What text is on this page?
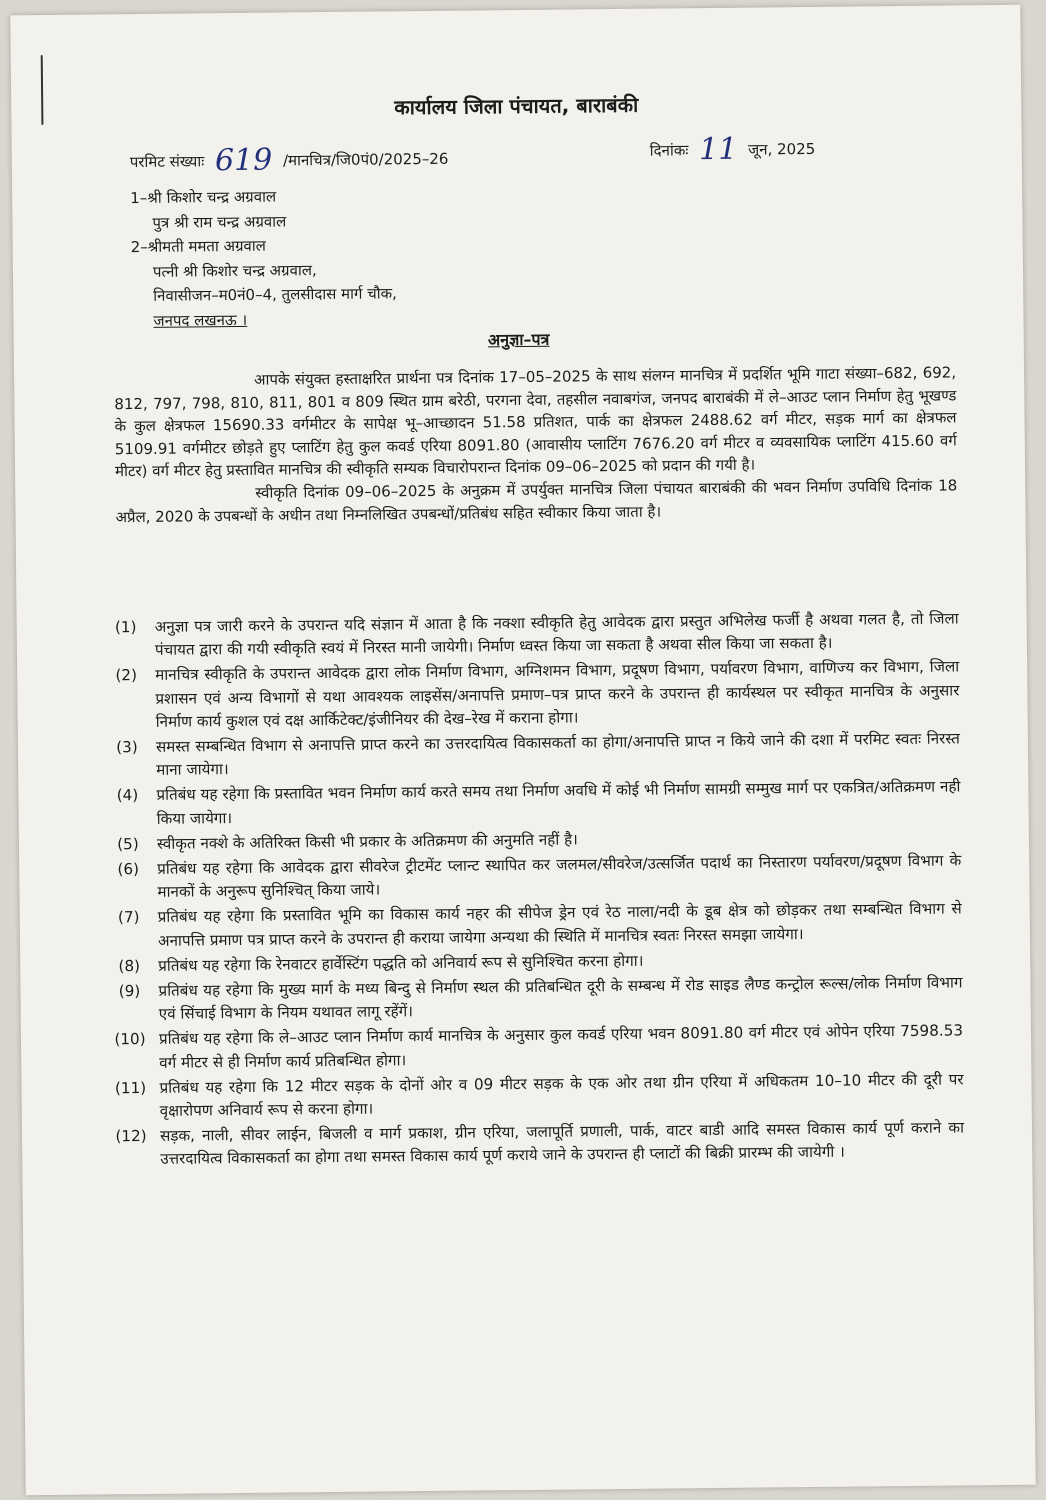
कार्यालय जिला पंचायत, बाराबंकी
परमिट संख्याः 619 /मानचित्र/जि0पं0/2025–26	दिनांकः 11 जून, 2025
1–श्री किशोर चन्द्र अग्रवाल
पुत्र श्री राम चन्द्र अग्रवाल
2–श्रीमती ममता अग्रवाल
पत्नी श्री किशोर चन्द्र अग्रवाल,
निवासीजन–म0नं0–4, तुलसीदास मार्ग चौक,
जनपद लखनऊ ।
अनुज्ञा–पत्र

आपके संयुक्त हस्ताक्षरित प्रार्थना पत्र दिनांक 17–05–2025 के साथ संलग्न मानचित्र में प्रदर्शित भूमि गाटा संख्या–682, 692, 812, 797, 798, 810, 811, 801 व 809 स्थित ग्राम बरेठी, परगना देवा, तहसील नवाबगंज, जनपद बाराबंकी में ले–आउट प्लान निर्माण हेतु भूखण्ड के कुल क्षेत्रफल 15690.33 वर्गमीटर के सापेक्ष भू–आच्छादन 51.58 प्रतिशत, पार्क का क्षेत्रफल 2488.62 वर्ग मीटर, सड़क मार्ग का क्षेत्रफल 5109.91 वर्गमीटर छोड़ते हुए प्लाटिंग हेतु कुल कवर्ड एरिया 8091.80 (आवासीय प्लाटिंग 7676.20 वर्ग मीटर व व्यवसायिक प्लाटिंग 415.60 वर्ग मीटर) वर्ग मीटर हेतु प्रस्तावित मानचित्र की स्वीकृति सम्यक विचारोपरान्त दिनांक 09–06–2025 को प्रदान की गयी है।

स्वीकृति दिनांक 09–06–2025 के अनुक्रम में उपर्युक्त मानचित्र जिला पंचायत बाराबंकी की भवन निर्माण उपविधि दिनांक 18 अप्रैल, 2020 के उपबन्धों के अधीन तथा निम्नलिखित उपबन्धों/प्रतिबंध सहित स्वीकार किया जाता है।

(1)	अनुज्ञा पत्र जारी करने के उपरान्त यदि संज्ञान में आता है कि नक्शा स्वीकृति हेतु आवेदक द्वारा प्रस्तुत अभिलेख फर्जी है अथवा गलत है, तो जिला पंचायत द्वारा की गयी स्वीकृति स्वयं में निरस्त मानी जायेगी। निर्माण ध्वस्त किया जा सकता है अथवा सील किया जा सकता है।
(2)	मानचित्र स्वीकृति के उपरान्त आवेदक द्वारा लोक निर्माण विभाग, अग्निशमन विभाग, प्रदूषण विभाग, पर्यावरण विभाग, वाणिज्य कर विभाग, जिला प्रशासन एवं अन्य विभागों से यथा आवश्यक लाइसेंस/अनापत्ति प्रमाण–पत्र प्राप्त करने के उपरान्त ही कार्यस्थल पर स्वीकृत मानचित्र के अनुसार निर्माण कार्य कुशल एवं दक्ष आर्किटेक्ट/इंजीनियर की देख–रेख में कराना होगा।
(3)	समस्त सम्बन्धित विभाग से अनापत्ति प्राप्त करने का उत्तरदायित्व विकासकर्ता का होगा/अनापत्ति प्राप्त न किये जाने की दशा में परमिट स्वतः निरस्त माना जायेगा।
(4)	प्रतिबंध यह रहेगा कि प्रस्तावित भवन निर्माण कार्य करते समय तथा निर्माण अवधि में कोई भी निर्माण सामग्री सम्मुख मार्ग पर एकत्रित/अतिक्रमण नही किया जायेगा।
(5)	स्वीकृत नक्शे के अतिरिक्त किसी भी प्रकार के अतिक्रमण की अनुमति नहीं है।
(6)	प्रतिबंध यह रहेगा कि आवेदक द्वारा सीवरेज ट्रीटमेंट प्लान्ट स्थापित कर जलमल/सीवरेज/उत्सर्जित पदार्थ का निस्तारण पर्यावरण/प्रदूषण विभाग के मानकों के अनुरूप सुनिश्चित् किया जाये।
(7)	प्रतिबंध यह रहेगा कि प्रस्तावित भूमि का विकास कार्य नहर की सीपेज ड्रेन एवं रेठ नाला/नदी के डूब क्षेत्र को छोड़कर तथा सम्बन्धित विभाग से अनापत्ति प्रमाण पत्र प्राप्त करने के उपरान्त ही कराया जायेगा अन्यथा की स्थिति में मानचित्र स्वतः निरस्त समझा जायेगा।
(8)	प्रतिबंध यह रहेगा कि रेनवाटर हार्वेस्टिंग पद्धति को अनिवार्य रूप से सुनिश्चित करना होगा।
(9)	प्रतिबंध यह रहेगा कि मुख्य मार्ग के मध्य बिन्दु से निर्माण स्थल की प्रतिबन्धित दूरी के सम्बन्ध में रोड साइड लैण्ड कन्ट्रोल रूल्स/लोक निर्माण विभाग एवं सिंचाई विभाग के नियम यथावत लागू रहेंगें।
(10) प्रतिबंध यह रहेगा कि ले–आउट प्लान निर्माण कार्य मानचित्र के अनुसार कुल कवर्ड एरिया भवन 8091.80 वर्ग मीटर एवं ओपेन एरिया 7598.53 वर्ग मीटर से ही निर्माण कार्य प्रतिबन्धित होगा।
(11) प्रतिबंध यह रहेगा कि 12 मीटर सड़क के दोनों ओर व 09 मीटर सड़क के एक ओर तथा ग्रीन एरिया में अधिकतम 10–10 मीटर की दूरी पर वृक्षारोपण अनिवार्य रूप से करना होगा।
(12) सड़क, नाली, सीवर लाईन, बिजली व मार्ग प्रकाश, ग्रीन एरिया, जलापूर्ति प्रणाली, पार्क, वाटर बाडी आदि समस्त विकास कार्य पूर्ण कराने का उत्तरदायित्व विकासकर्ता का होगा तथा समस्त विकास कार्य पूर्ण कराये जाने के उपरान्त ही प्लाटों की बिक्री प्रारम्भ की जायेगी ।
